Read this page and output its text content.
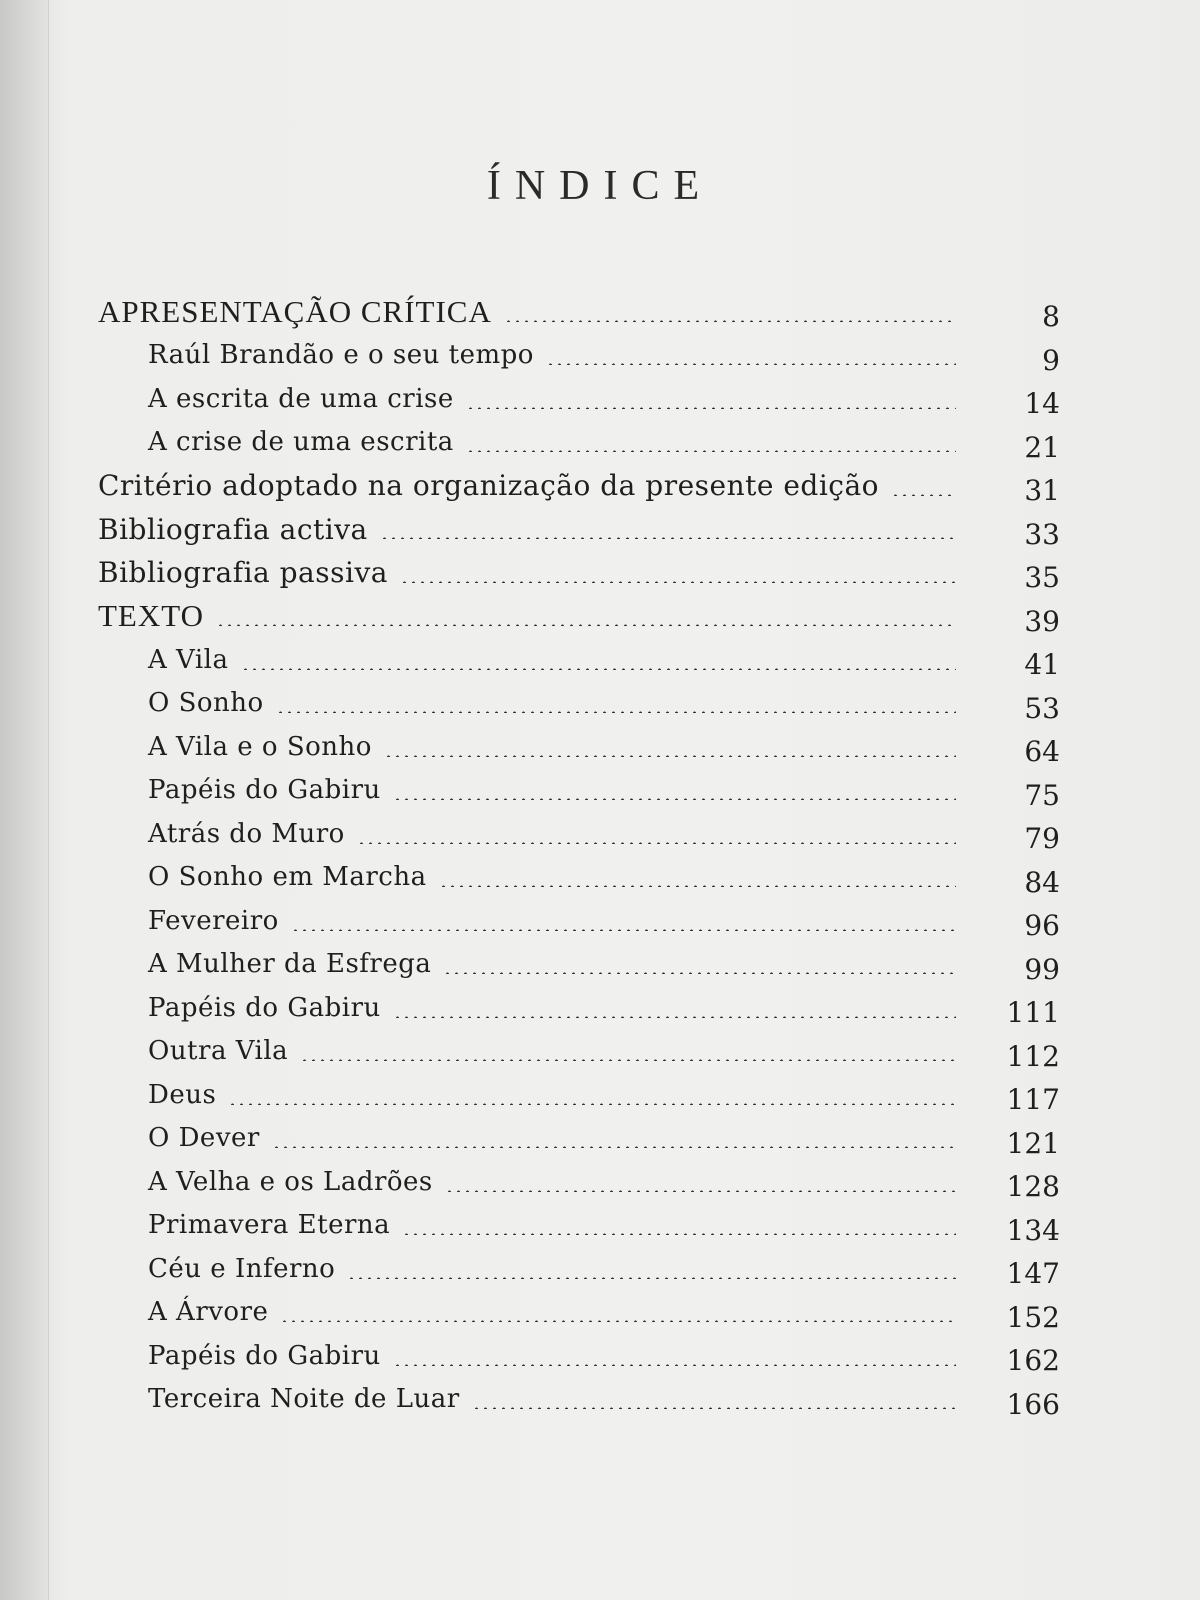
ÍNDICE
APRESENTAÇÃO CRÍTICA	8
Raúl Brandão e o seu tempo	9
A escrita de uma crise	14
A crise de uma escrita	21
Critério adoptado na organização da presente edição	31
Bibliografia activa	33
Bibliografia passiva	35
TEXTO	39
A Vila	41
O Sonho	53
A Vila e o Sonho	64
Papéis do Gabiru	75
Atrás do Muro	79
O Sonho em Marcha	84
Fevereiro	96
A Mulher da Esfrega	99
Papéis do Gabiru	111
Outra Vila	112
Deus	117
O Dever	121
A Velha e os Ladrões	128
Primavera Eterna	134
Céu e Inferno	147
A Árvore	152
Papéis do Gabiru	162
Terceira Noite de Luar	166
